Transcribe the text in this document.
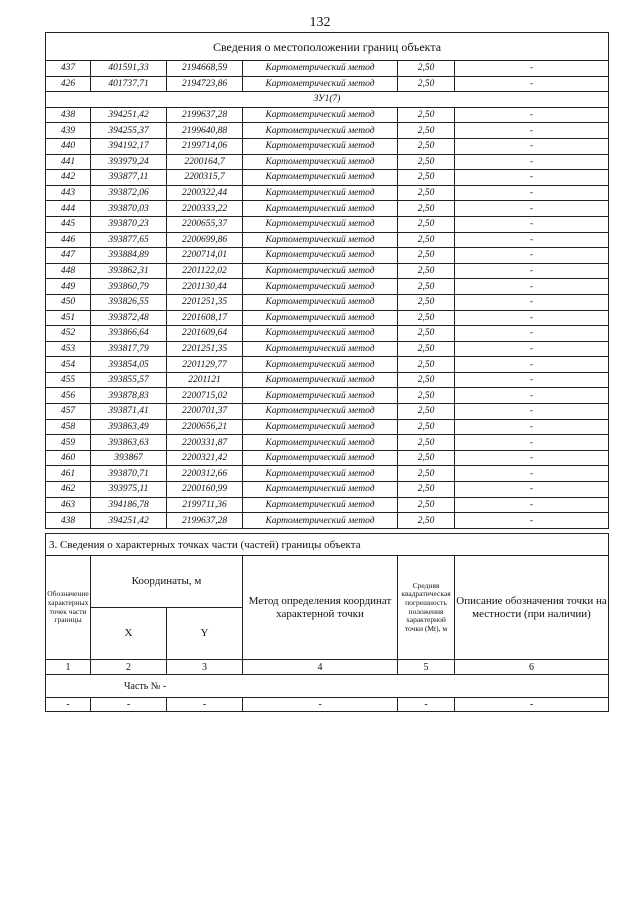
132
Сведения о местоположении границ объекта					
437	401591,33	2194668,59	Картометрический метод	2,50	-
426	401737,71	2194723,86	Картометрический метод	2,50	-
ЗУ1(7)					
438	394251,42	2199637,28	Картометрический метод	2,50	-
439	394255,37	2199640,88	Картометрический метод	2,50	-
440	394192,17	2199714,06	Картометрический метод	2,50	-
441	393979,24	2200164,7	Картометрический метод	2,50	-
442	393877,11	2200315,7	Картометрический метод	2,50	-
443	393872,06	2200322,44	Картометрический метод	2,50	-
444	393870,03	2200333,22	Картометрический метод	2,50	-
445	393870,23	2200655,37	Картометрический метод	2,50	-
446	393877,65	2200699,86	Картометрический метод	2,50	-
447	393884,89	2200714,01	Картометрический метод	2,50	-
448	393862,31	2201122,02	Картометрический метод	2,50	-
449	393860,79	2201130,44	Картометрический метод	2,50	-
450	393826,55	2201251,35	Картометрический метод	2,50	-
451	393872,48	2201608,17	Картометрический метод	2,50	-
452	393866,64	2201609,64	Картометрический метод	2,50	-
453	393817,79	2201251,35	Картометрический метод	2,50	-
454	393854,05	2201129,77	Картометрический метод	2,50	-
455	393855,57	2201121	Картометрический метод	2,50	-
456	393878,83	2200715,02	Картометрический метод	2,50	-
457	393871,41	2200701,37	Картометрический метод	2,50	-
458	393863,49	2200656,21	Картометрический метод	2,50	-
459	393863,63	2200331,87	Картометрический метод	2,50	-
460	393867	2200321,42	Картометрический метод	2,50	-
461	393870,71	2200312,66	Картометрический метод	2,50	-
462	393975,11	2200160,99	Картометрический метод	2,50	-
463	394186,78	2199711,36	Картометрический метод	2,50	-
438	394251,42	2199637,28	Картометрический метод	2,50	-
3. Сведения о характерных точках части (частей) границы объекта					
Обозначение характерных точек части границы	Координаты, м		Метод определения координат характерной точки	Средняя квадратическая погрешность положения характерной точки (Mt), м	Описание обозначения точки на местности (при наличии)
	X	Y			
1	2	3	4	5	6
Часть № -					
-	-	-	-	-	-
